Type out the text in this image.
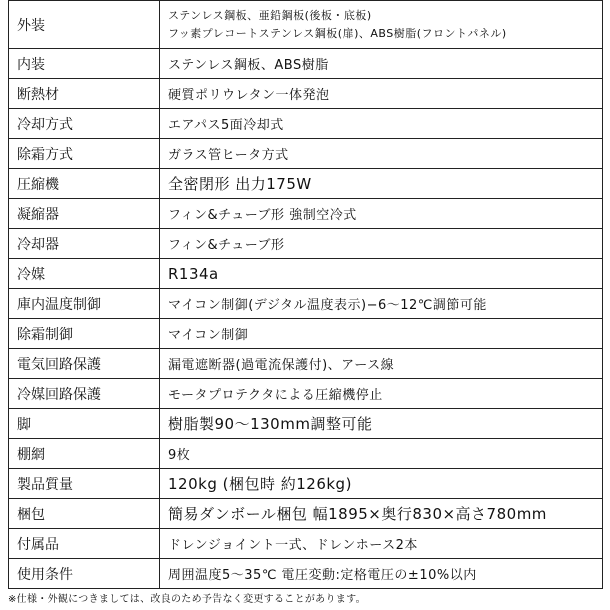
外装	ステンレス鋼板、亜鉛鋼板(後板・底板)
フッ素プレコートステンレス鋼板(扉)、ABS樹脂(フロントパネル)

内装	ステンレス鋼板、ABS樹脂
断熱材	硬質ポリウレタン一体発泡
冷却方式	エアパス5面冷却式
除霜方式	ガラス管ヒータ方式
圧縮機	全密閉形 出力175W
凝縮器	フィン&チューブ形 強制空冷式
冷却器	フィン&チューブ形
冷媒	R134a
庫内温度制御	マイコン制御(デジタル温度表示)−6〜12℃調節可能
除霜制御	マイコン制御
電気回路保護	漏電遮断器(過電流保護付)、アース線
冷媒回路保護	モータプロテクタによる圧縮機停止
脚	樹脂製90〜130mm調整可能
棚網	9枚
製品質量	120kg (梱包時 約126kg)
梱包	簡易ダンボール梱包 幅1895×奥行830×高さ780mm
付属品	ドレンジョイント一式、ドレンホース2本
使用条件	周囲温度5〜35℃ 電圧変動:定格電圧の±10%以内
※仕様・外観につきましては、改良のため予告なく変更することがあります。
